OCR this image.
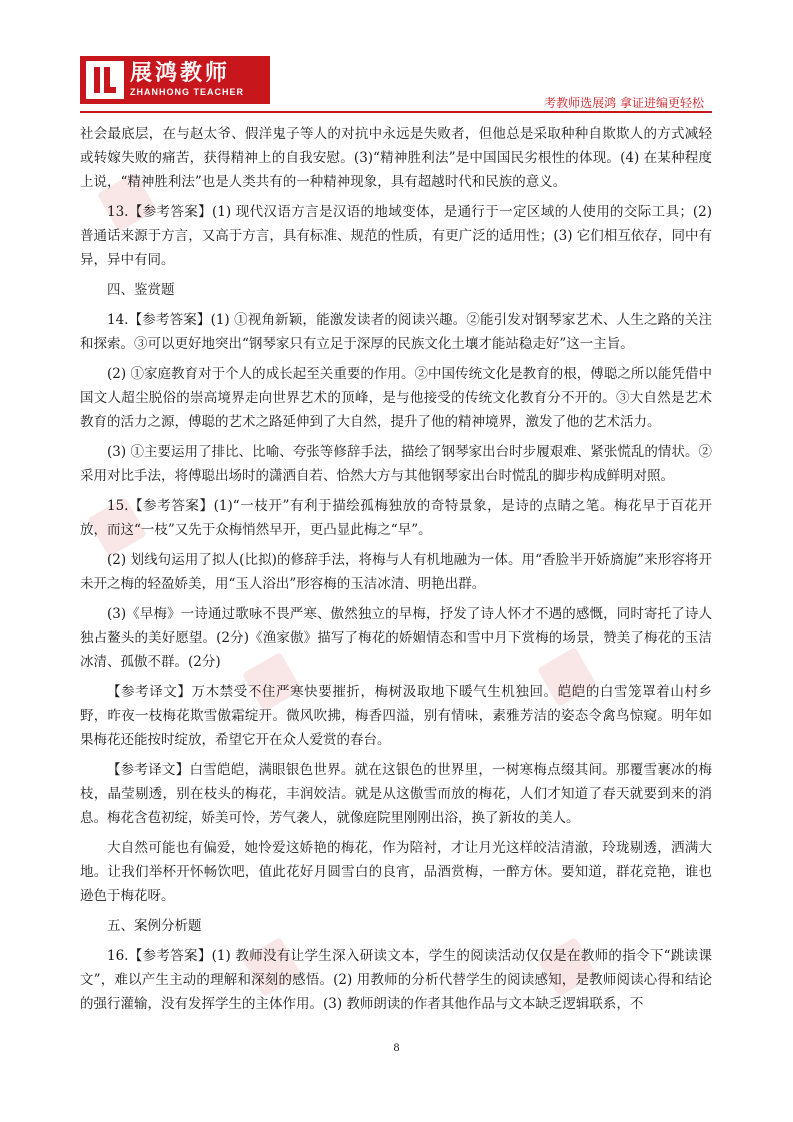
展鸿教师
ZHANHONG TEACHER
考教师选展鸿 拿证进编更轻松

社会最底层，在与赵太爷、假洋鬼子等人的对抗中永远是失败者，但他总是采取种种自欺欺人的方式减轻或转嫁失败的痛苦，获得精神上的自我安慰。(3)“精神胜利法”是中国国民劣根性的体现。(4) 在某种程度上说，“精神胜利法”也是人类共有的一种精神现象，具有超越时代和民族的意义。

13.【参考答案】(1) 现代汉语方言是汉语的地域变体，是通行于一定区域的人使用的交际工具；(2) 普通话来源于方言，又高于方言，具有标准、规范的性质，有更广泛的适用性；(3) 它们相互依存，同中有异，异中有同。

四、鉴赏题

14.【参考答案】(1) ①视角新颖，能激发读者的阅读兴趣。②能引发对钢琴家艺术、人生之路的关注和探索。③可以更好地突出“钢琴家只有立足于深厚的民族文化土壤才能站稳走好”这一主旨。

(2) ①家庭教育对于个人的成长起至关重要的作用。②中国传统文化是教育的根，傅聪之所以能凭借中国文人超尘脱俗的崇高境界走向世界艺术的顶峰，是与他接受的传统文化教育分不开的。③大自然是艺术教育的活力之源，傅聪的艺术之路延伸到了大自然，提升了他的精神境界，激发了他的艺术活力。

(3) ①主要运用了排比、比喻、夸张等修辞手法，描绘了钢琴家出台时步履艰难、紧张慌乱的情状。②采用对比手法，将傅聪出场时的潇洒自若、恰然大方与其他钢琴家出台时慌乱的脚步构成鲜明对照。

15.【参考答案】(1)“一枝开”有利于描绘孤梅独放的奇特景象，是诗的点睛之笔。梅花早于百花开放，而这“一枝”又先于众梅悄然早开，更凸显此梅之“早”。

(2) 划线句运用了拟人(比拟)的修辞手法，将梅与人有机地融为一体。用“香脸半开娇旖旎”来形容将开未开之梅的轻盈娇美，用“玉人浴出”形容梅的玉洁冰清、明艳出群。

(3)《早梅》一诗通过歌咏不畏严寒、傲然独立的早梅，抒发了诗人怀才不遇的感慨，同时寄托了诗人独占鳌头的美好愿望。(2分)《渔家傲》描写了梅花的娇媚情态和雪中月下赏梅的场景，赞美了梅花的玉洁冰清、孤傲不群。(2分)

【参考译文】万木禁受不住严寒快要摧折，梅树汲取地下暖气生机独回。皑皑的白雪笼罩着山村乡野，昨夜一枝梅花欺雪傲霜绽开。微风吹拂，梅香四溢，别有情味，素雅芳洁的姿态令禽鸟惊窥。明年如果梅花还能按时绽放，希望它开在众人爱赏的春台。

【参考译文】白雪皑皑，满眼银色世界。就在这银色的世界里，一树寒梅点缀其间。那覆雪裹冰的梅枝，晶莹剔透，别在枝头的梅花，丰润姣洁。就是从这傲雪而放的梅花，人们才知道了春天就要到来的消息。梅花含苞初绽，娇美可怜，芳气袭人，就像庭院里刚刚出浴，换了新妆的美人。

大自然可能也有偏爱，她怜爱这娇艳的梅花，作为陪衬，才让月光这样皎洁清澈，玲珑剔透，洒满大地。让我们举杯开怀畅饮吧，值此花好月圆雪白的良宵，品酒赏梅，一醉方休。要知道，群花竞艳，谁也逊色于梅花呀。

五、案例分析题

16.【参考答案】(1) 教师没有让学生深入研读文本，学生的阅读活动仅仅是在教师的指令下“跳读课文”，难以产生主动的理解和深刻的感悟。(2) 用教师的分析代替学生的阅读感知，是教师阅读心得和结论的强行灌输，没有发挥学生的主体作用。(3) 教师朗读的作者其他作品与文本缺乏逻辑联系，不

8
